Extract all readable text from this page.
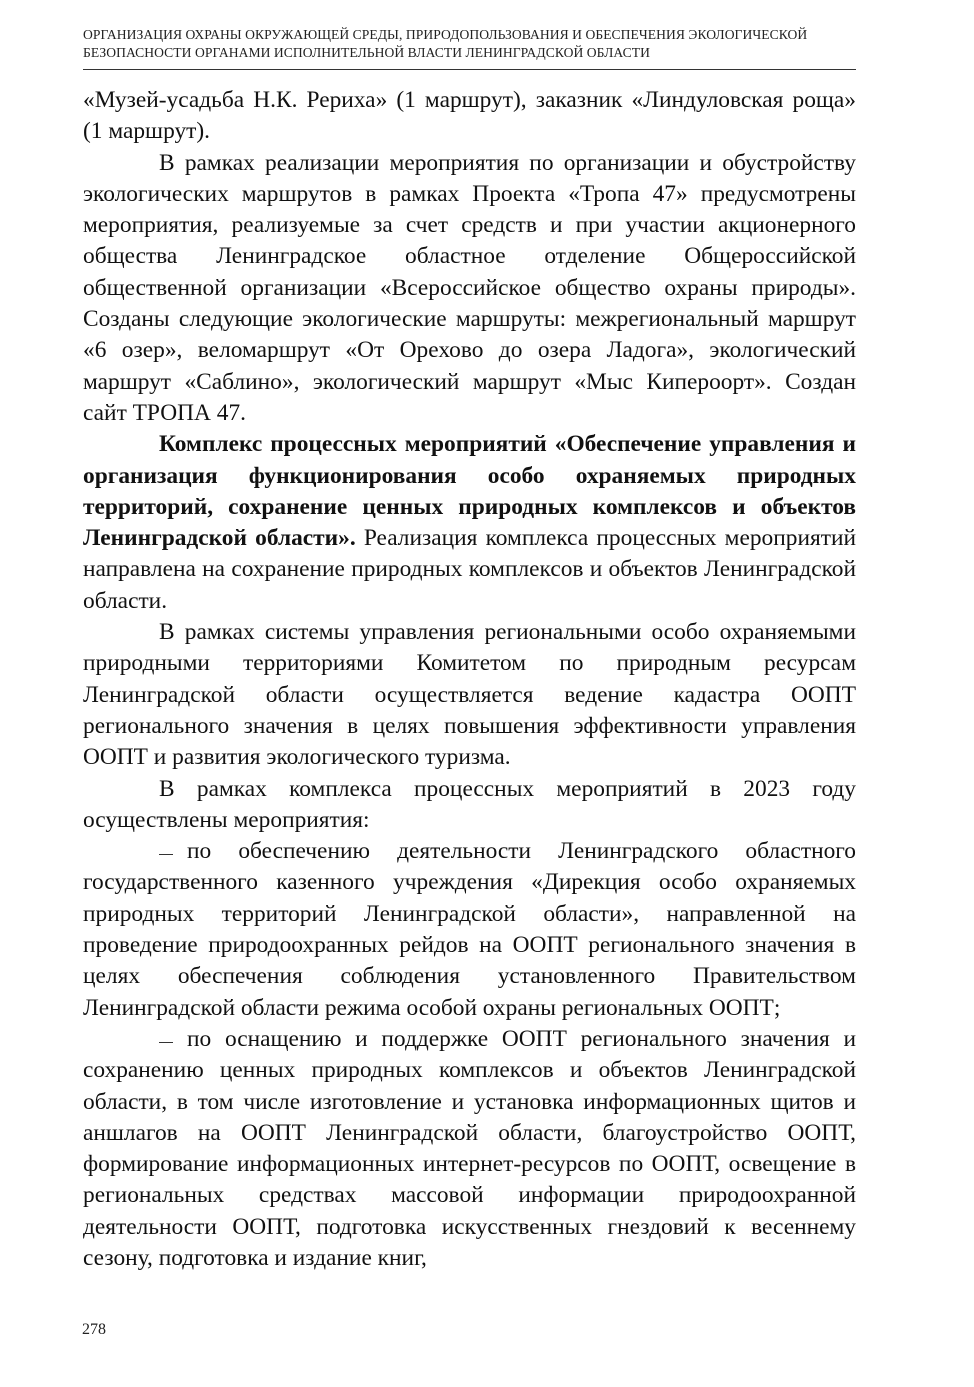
ОРГАНИЗАЦИЯ ОХРАНЫ ОКРУЖАЮЩЕЙ СРЕДЫ, ПРИРОДОПОЛЬЗОВАНИЯ И ОБЕСПЕЧЕНИЯ ЭКОЛОГИЧЕСКОЙ БЕЗОПАСНОСТИ ОРГАНАМИ ИСПОЛНИТЕЛЬНОЙ ВЛАСТИ ЛЕНИНГРАДСКОЙ ОБЛАСТИ

«Музей-усадьба Н.К. Рериха» (1 маршрут), заказник «Линдуловская роща» (1 маршрут).

В рамках реализации мероприятия по организации и обустройству экологических маршрутов в рамках Проекта «Тропа 47» предусмотрены мероприятия, реализуемые за счет средств и при участии акционерного общества Ленинградское областное отделение Общероссийской общественной организации «Всероссийское общество охраны природы». Созданы следующие экологические маршруты: межрегиональный маршрут «6 озер», веломаршрут «От Орехово до озера Ладога», экологический маршрут «Саблино», экологический маршрут «Мыс Кипероорт». Создан сайт ТРОПА 47.

Комплекс процессных мероприятий «Обеспечение управления и организация функционирования особо охраняемых природных территорий, сохранение ценных природных комплексов и объектов Ленинградской области». Реализация комплекса процессных мероприятий направлена на сохранение природных комплексов и объектов Ленинградской области.

В рамках системы управления региональными особо охраняемыми природными территориями Комитетом по природным ресурсам Ленинградской области осуществляется ведение кадастра ООПТ регионального значения в целях повышения эффективности управления ООПТ и развития экологического туризма.

В рамках комплекса процессных мероприятий в 2023 году осуществлены мероприятия:

по обеспечению деятельности Ленинградского областного государственного казенного учреждения «Дирекция особо охраняемых природных территорий Ленинградской области», направленной на проведение природоохранных рейдов на ООПТ регионального значения в целях обеспечения соблюдения установленного Правительством Ленинградской области режима особой охраны региональных ООПТ;

по оснащению и поддержке ООПТ регионального значения и сохранению ценных природных комплексов и объектов Ленинградской области, в том числе изготовление и установка информационных щитов и аншлагов на ООПТ Ленинградской области, благоустройство ООПТ, формирование информационных интернет-ресурсов по ООПТ, освещение в региональных средствах массовой информации природоохранной деятельности ООПТ, подготовка искусственных гнездовий к весеннему сезону, подготовка и издание книг,

278
